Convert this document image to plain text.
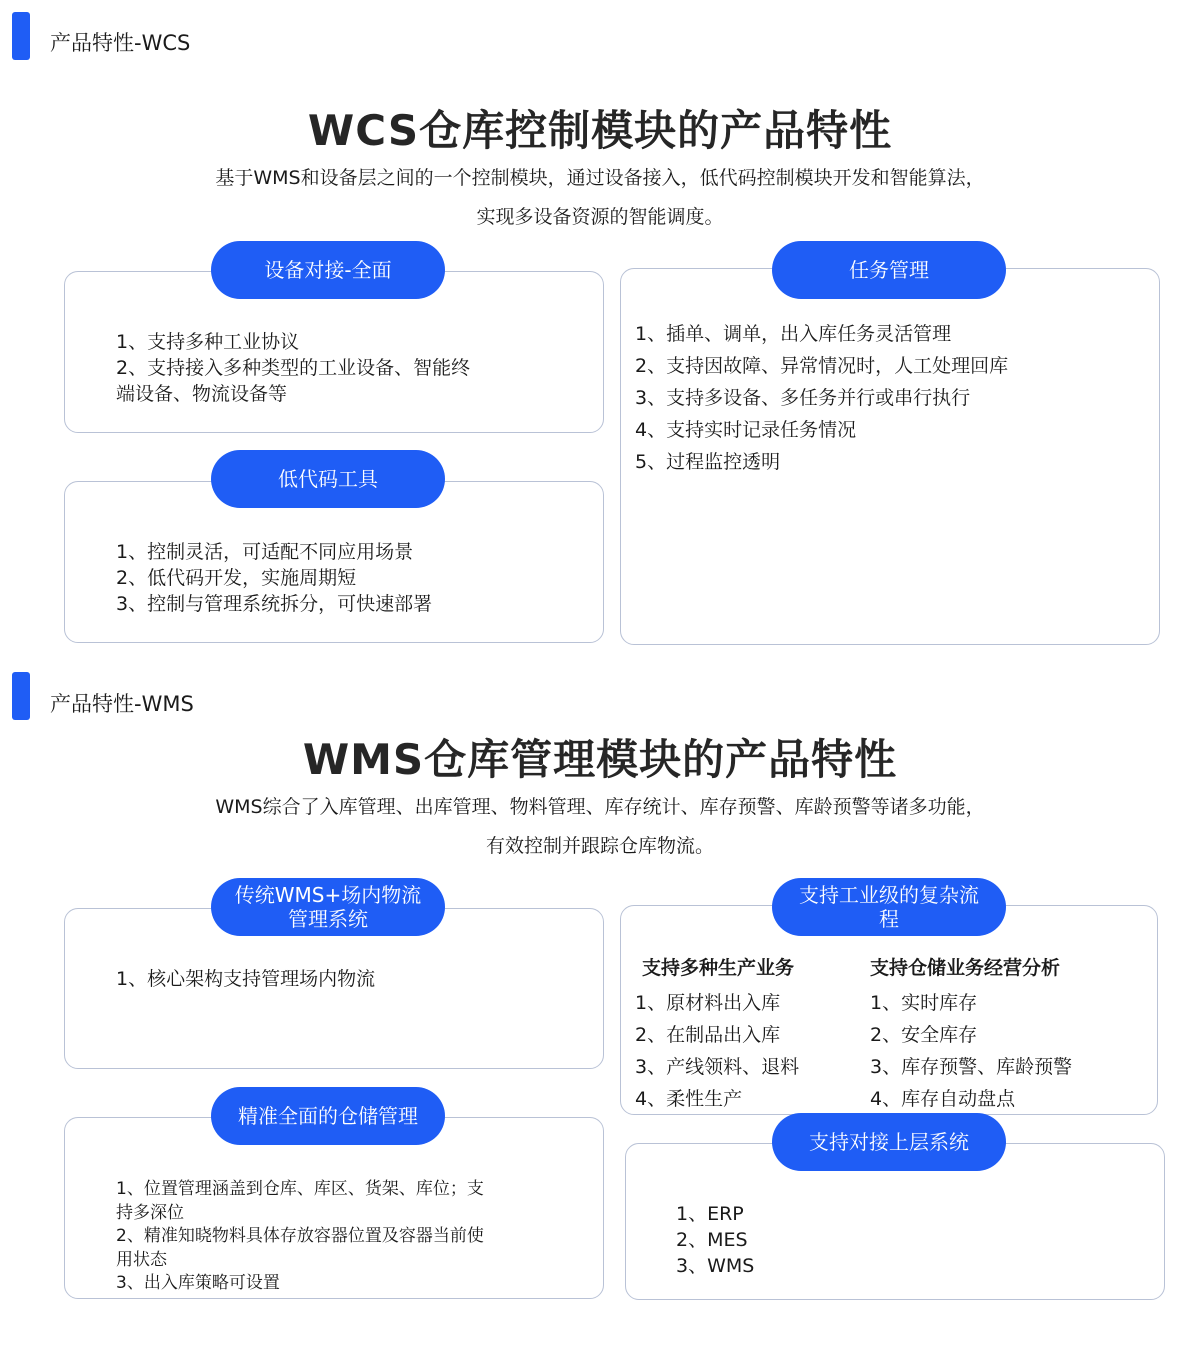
产品特性-WCS
WCS仓库控制模块的产品特性
基于WMS和设备层之间的一个控制模块，通过设备接入，低代码控制模块开发和智能算法，
实现多设备资源的智能调度。
设备对接-全面
1、支持多种工业协议
2、支持接入多种类型的工业设备、智能终
端设备、物流设备等
低代码工具
1、控制灵活，可适配不同应用场景
2、低代码开发，实施周期短
3、控制与管理系统拆分，可快速部署
任务管理
1、插单、调单，出入库任务灵活管理
2、支持因故障、异常情况时，人工处理回库
3、支持多设备、多任务并行或串行执行
4、支持实时记录任务情况
5、过程监控透明
产品特性-WMS
WMS仓库管理模块的产品特性
WMS综合了入库管理、出库管理、物料管理、库存统计、库存预警、库龄预警等诸多功能，
有效控制并跟踪仓库物流。
传统WMS+场内物流
管理系统
1、核心架构支持管理场内物流
精准全面的仓储管理
1、位置管理涵盖到仓库、库区、货架、库位；支
持多深位
2、精准知晓物料具体存放容器位置及容器当前使
用状态
3、出入库策略可设置
支持工业级的复杂流
程
支持多种生产业务
1、原材料出入库
2、在制品出入库
3、产线领料、退料
4、柔性生产
支持仓储业务经营分析
1、实时库存
2、安全库存
3、库存预警、库龄预警
4、库存自动盘点
支持对接上层系统
1、ERP
2、MES
3、WMS
